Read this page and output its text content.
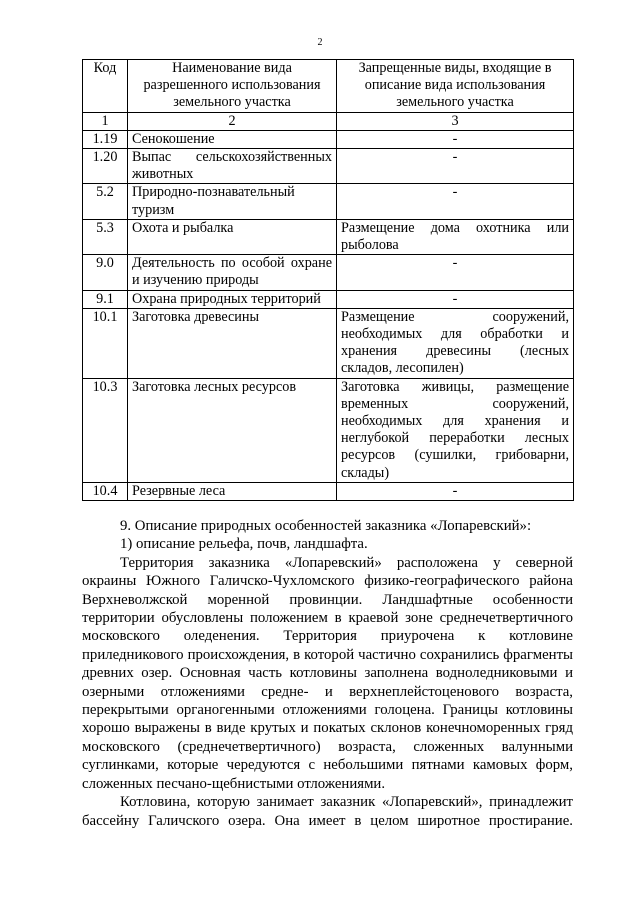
2
Код	Наименование вида разрешенного использования земельного участка	Запрещенные виды, входящие в описание вида использования земельного участка
1	2	3
1.19	Сенокошение	-
1.20	Выпас сельскохозяйственных животных	-
5.2	Природно-познавательный туризм	-
5.3	Охота и рыбалка	Размещение дома охотника или рыболова
9.0	Деятельность по особой охране и изучению природы	-
9.1	Охрана природных территорий	-
10.1	Заготовка древесины	Размещение сооружений, необходимых для обработки и хранения древесины (лесных складов, лесопилен)
10.3	Заготовка лесных ресурсов	Заготовка живицы, размещение временных сооружений, необходимых для хранения и неглубокой переработки лесных ресурсов (сушилки, грибоварни, склады)
10.4	Резервные леса	-

9. Описание природных особенностей заказника «Лопаревский»:

1) описание рельефа, почв, ландшафта.

Территория заказника «Лопаревский» расположена у северной окраины Южного Галичско-Чухломского физико-географического района Верхневолжской моренной провинции. Ландшафтные особенности территории обусловлены положением в краевой зоне среднечетвертичного московского оледенения. Территория приурочена к котловине приледникового происхождения, в которой частично сохранились фрагменты древних озер. Основная часть котловины заполнена водноледниковыми и озерными отложениями средне- и верхнеплейстоценового возраста, перекрытыми органогенными отложениями голоцена. Границы котловины хорошо выражены в виде крутых и покатых склонов конечноморенных гряд московского (среднечетвертичного) возраста, сложенных валунными суглинками, которые чередуются с небольшими пятнами камовых форм, сложенных песчано-щебнистыми отложениями.

Котловина, которую занимает заказник «Лопаревский», принадлежит бассейну Галичского озера. Она имеет в целом широтное простирание.
